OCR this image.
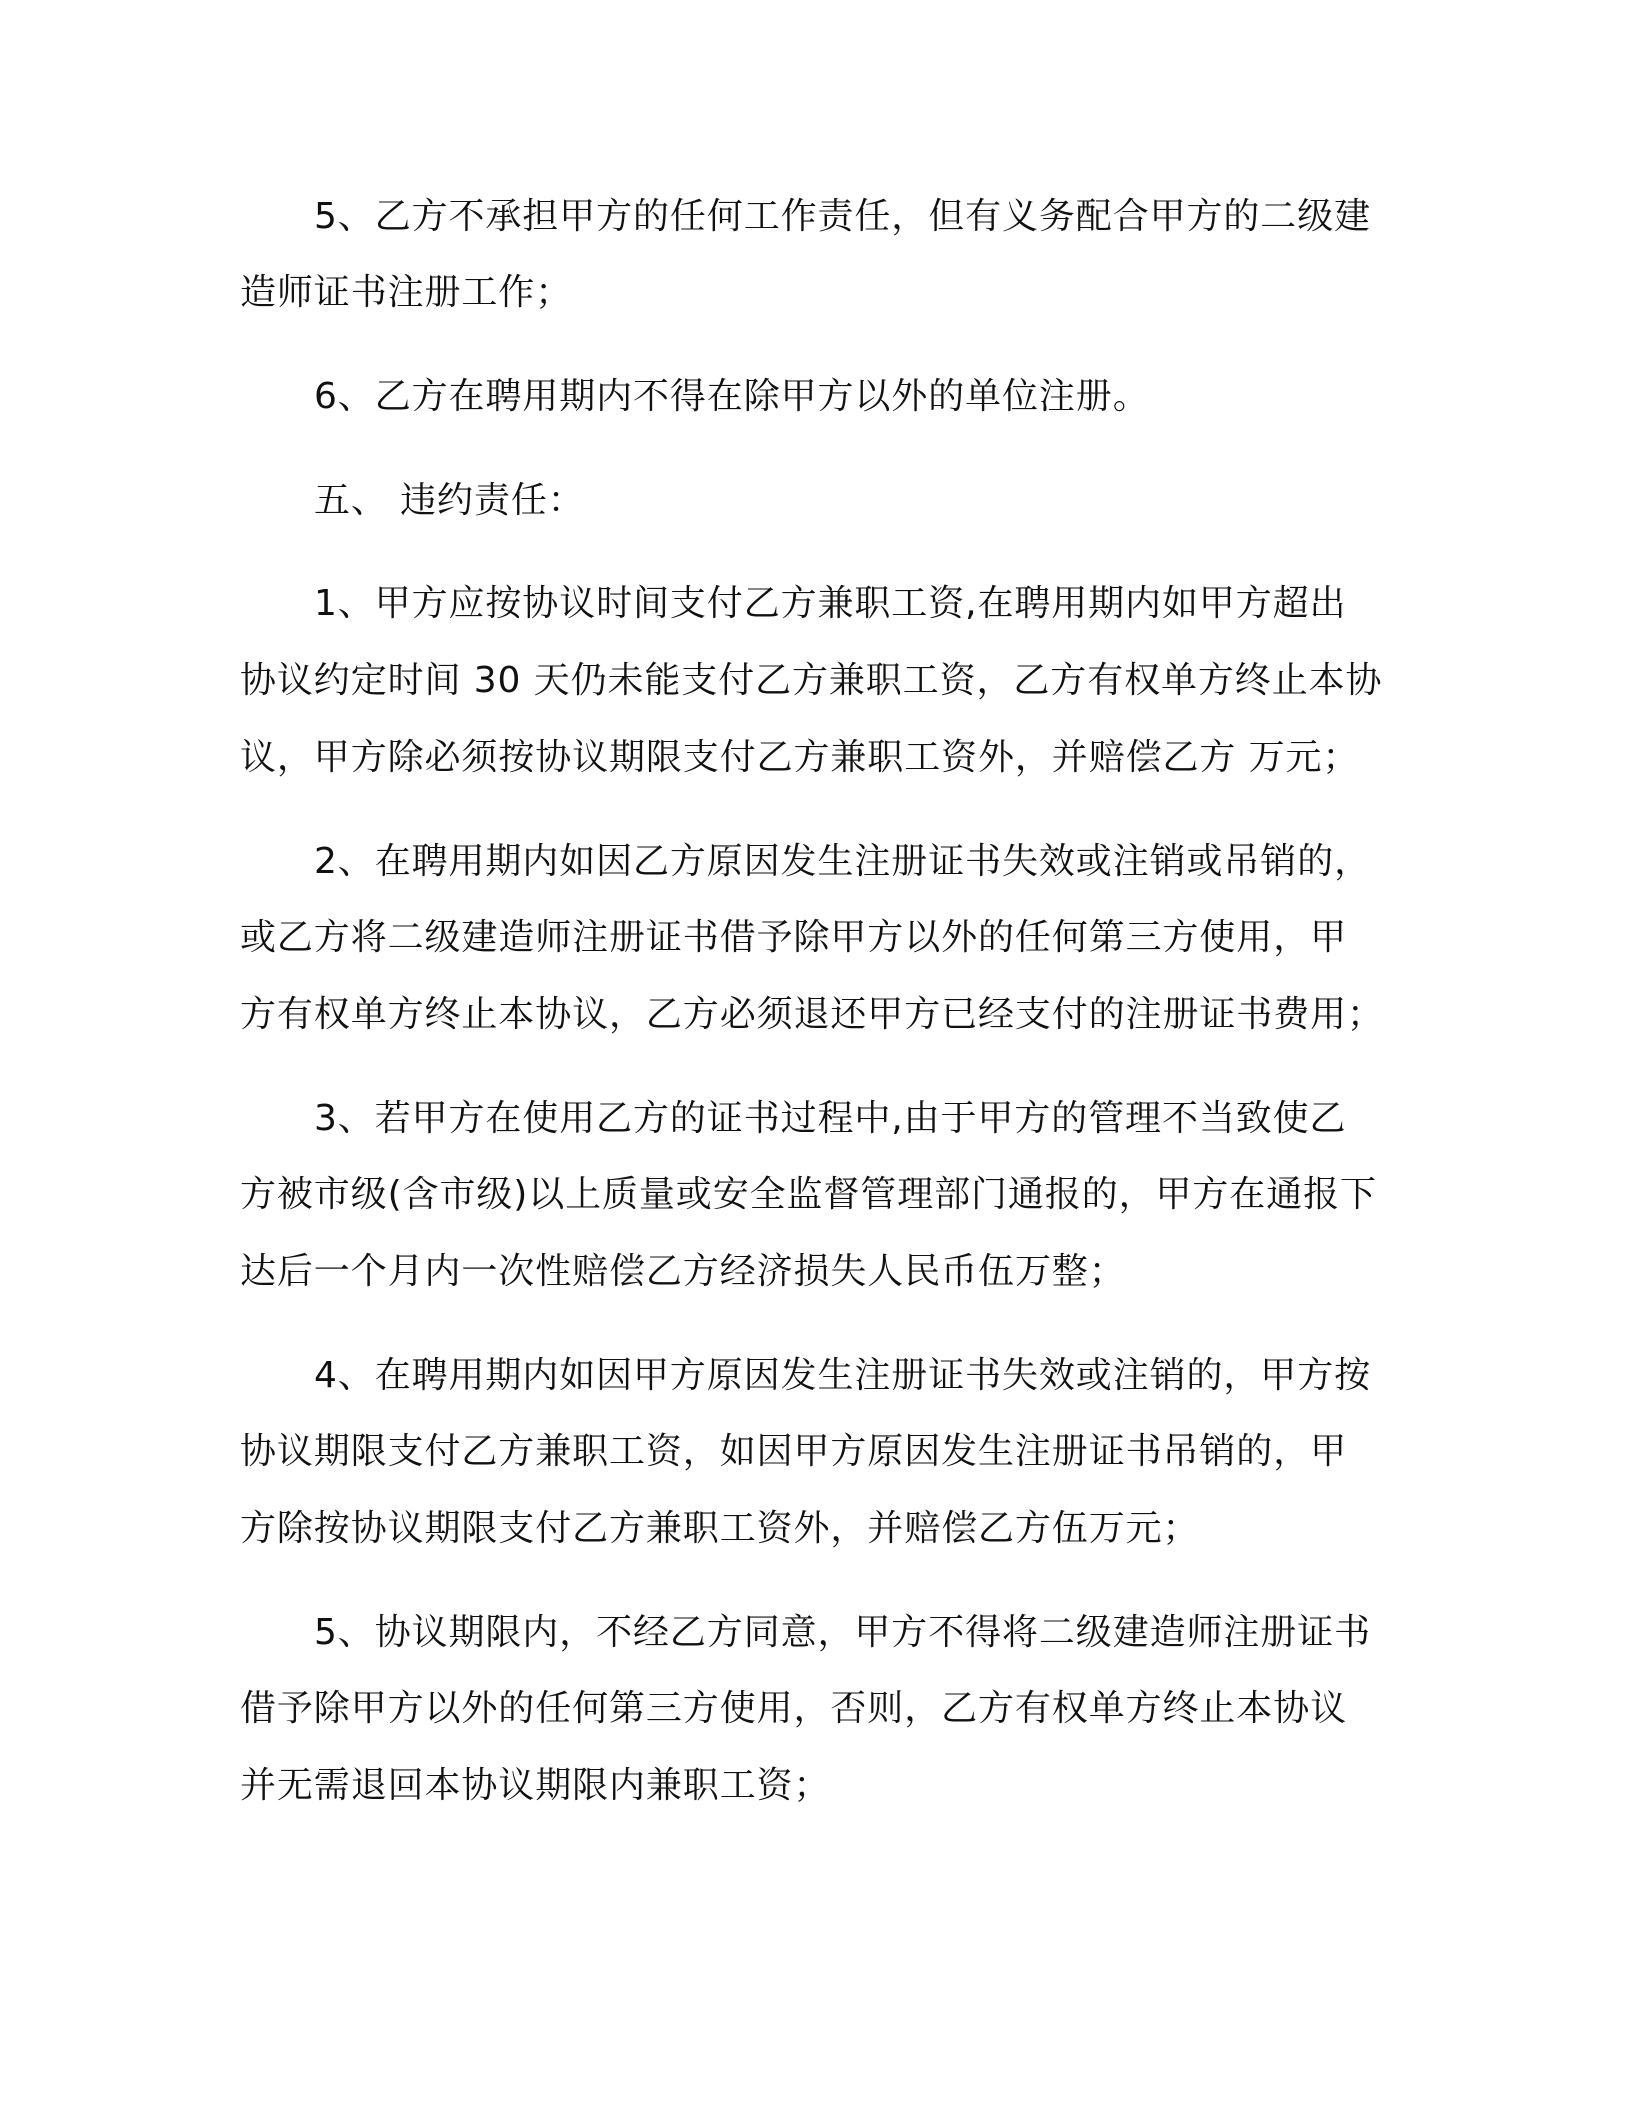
5、乙方不承担甲方的任何工作责任，但有义务配合甲方的二级建

造师证书注册工作；

6、乙方在聘用期内不得在除甲方以外的单位注册。

五、 违约责任：

1、甲方应按协议时间支付乙方兼职工资,在聘用期内如甲方超出

协议约定时间 30 天仍未能支付乙方兼职工资，乙方有权单方终止本协

议，甲方除必须按协议期限支付乙方兼职工资外，并赔偿乙方 万元；

2、在聘用期内如因乙方原因发生注册证书失效或注销或吊销的，

或乙方将二级建造师注册证书借予除甲方以外的任何第三方使用，甲

方有权单方终止本协议，乙方必须退还甲方已经支付的注册证书费用；

3、若甲方在使用乙方的证书过程中,由于甲方的管理不当致使乙

方被市级(含市级)以上质量或安全监督管理部门通报的，甲方在通报下

达后一个月内一次性赔偿乙方经济损失人民币伍万整；

4、在聘用期内如因甲方原因发生注册证书失效或注销的，甲方按

协议期限支付乙方兼职工资，如因甲方原因发生注册证书吊销的，甲

方除按协议期限支付乙方兼职工资外，并赔偿乙方伍万元；

5、协议期限内，不经乙方同意，甲方不得将二级建造师注册证书

借予除甲方以外的任何第三方使用，否则，乙方有权单方终止本协议

并无需退回本协议期限内兼职工资；
